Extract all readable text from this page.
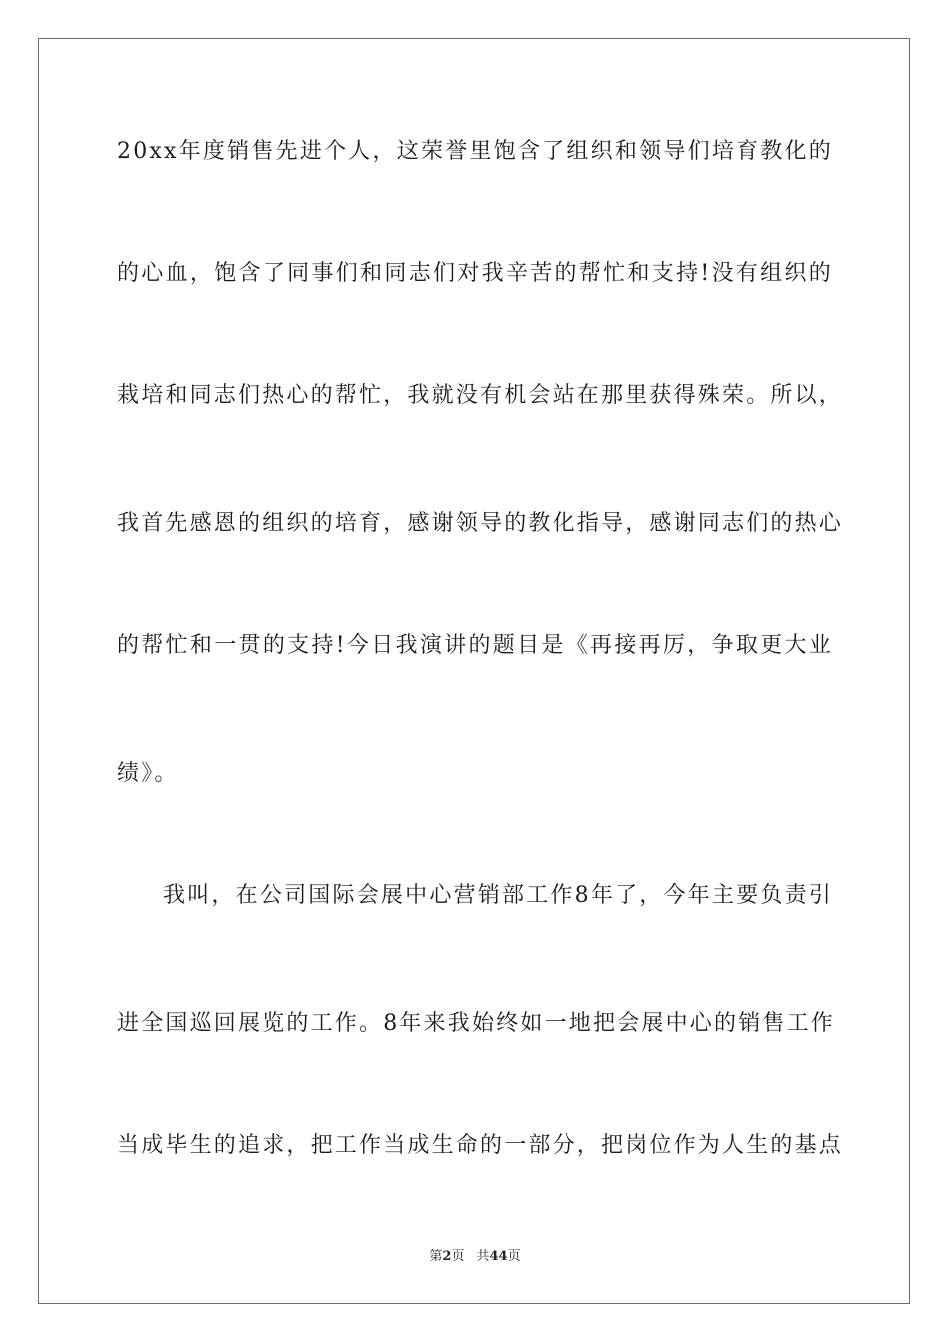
20xx年度销售先进个人，这荣誉里饱含了组织和领导们培育教化的
的心血，饱含了同事们和同志们对我辛苦的帮忙和支持!没有组织的
栽培和同志们热心的帮忙，我就没有机会站在那里获得殊荣。所以，
我首先感恩的组织的培育，感谢领导的教化指导，感谢同志们的热心
的帮忙和一贯的支持!今日我演讲的题目是《再接再厉，争取更大业
绩》。
我叫，在公司国际会展中心营销部工作8年了，今年主要负责引
进全国巡回展览的工作。8年来我始终如一地把会展中心的销售工作
当成毕生的追求，把工作当成生命的一部分，把岗位作为人生的基点
第2页 共44页
